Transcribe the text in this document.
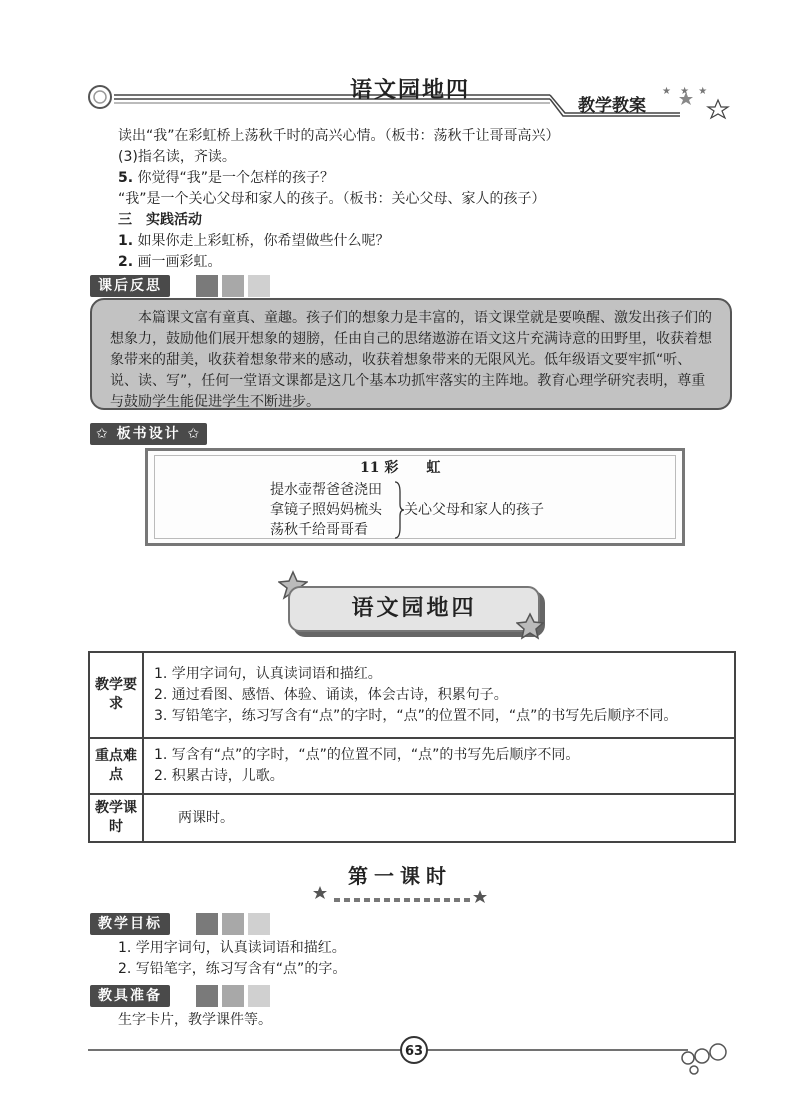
语文园地四
教学教案
★ ★ ★
读出“我”在彩虹桥上荡秋千时的高兴心情。（板书：荡秋千让哥哥高兴）
(3)指名读，齐读。
5. 你觉得“我”是一个怎样的孩子？
“我”是一个关心父母和家人的孩子。（板书：关心父母、家人的孩子）
三　实践活动
1. 如果你走上彩虹桥，你希望做些什么呢？
2. 画一画彩虹。
课后反思

本篇课文富有童真、童趣。孩子们的想象力是丰富的，语文课堂就是要唤醒、激发出孩子们的想象力，鼓励他们展开想象的翅膀，任由自己的思绪遨游在语文这片充满诗意的田野里，收获着想象带来的甜美，收获着想象带来的感动，收获着想象带来的无限风光。低年级语文要牢抓“听、说、读、写”，任何一堂语文课都是这几个基本功抓牢落实的主阵地。教育心理学研究表明，尊重与鼓励学生能促进学生不断进步。

✩ 板书设计 ✩
11 彩　　虹
提水壶帮爸爸浇田
拿镜子照妈妈梳头
荡秋千给哥哥看
关心父母和家人的孩子
语文园地四
教学要求	1. 学用字词句，认真读词语和描红。
2. 通过看图、感悟、体验、诵读，体会古诗，积累句子。
3. 写铅笔字，练习写含有“点”的字时，“点”的位置不同，“点”的书写先后顺序不同。

重点难点	1. 写含有“点”的字时，“点”的位置不同，“点”的书写先后顺序不同。
2. 积累古诗，儿歌。

教学课时	两课时。
第一课时
教学目标
1. 学用字词句，认真读词语和描红。
2. 写铅笔字，练习写含有“点”的字。
教具准备
生字卡片，教学课件等。
63
